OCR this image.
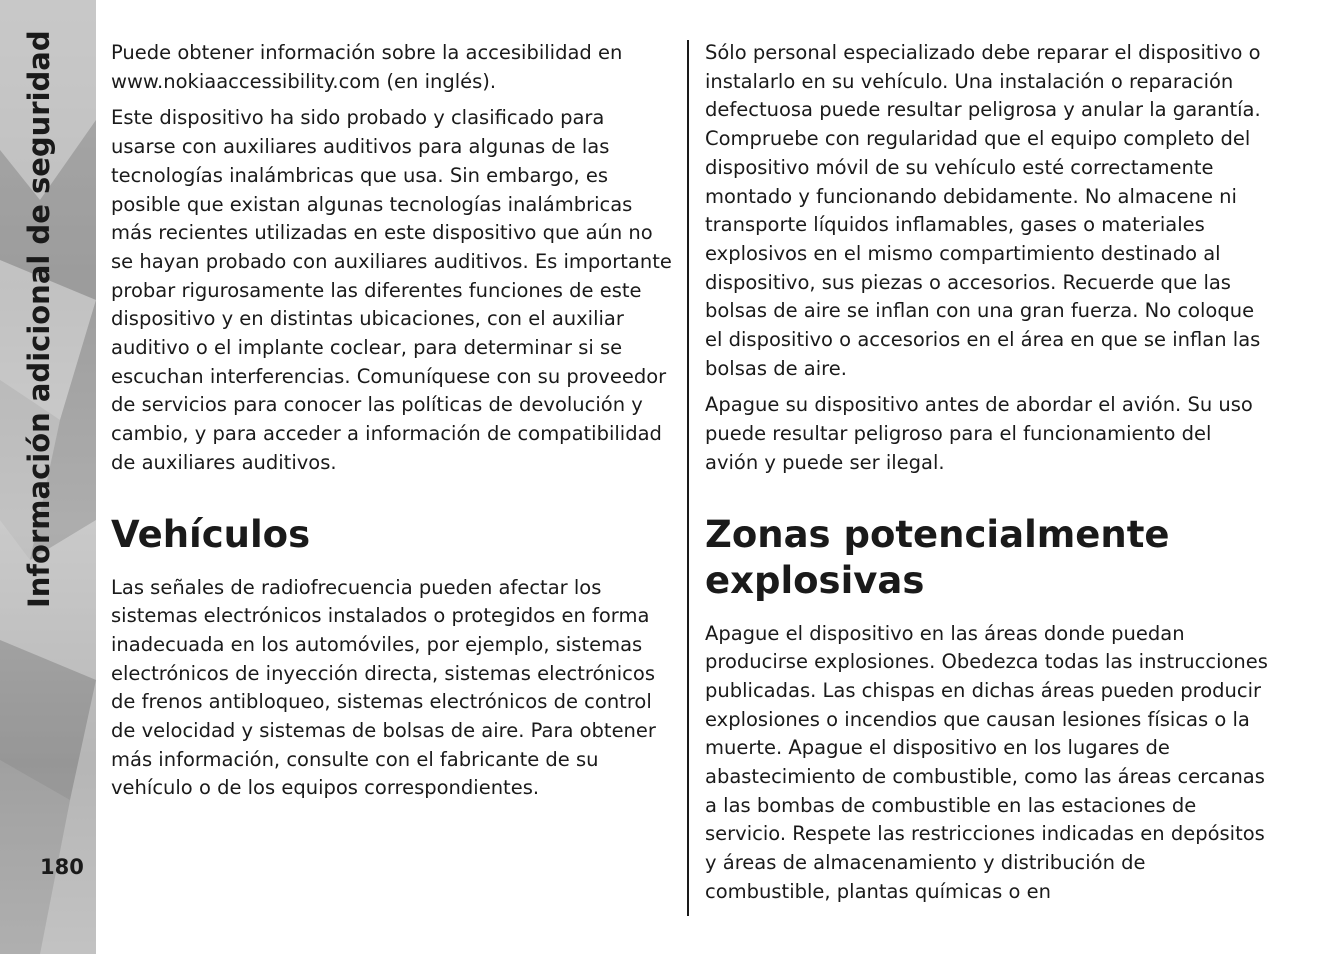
Información adicional de seguridad
180

Puede obtener información sobre la accesibilidad en www.nokiaaccessibility.com (en inglés).

Este dispositivo ha sido probado y clasificado para usarse con auxiliares auditivos para algunas de las tecnologías inalámbricas que usa. Sin embargo, es posible que existan algunas tecnologías inalámbricas más recientes utilizadas en este dispositivo que aún no se hayan probado con auxiliares auditivos. Es importante probar rigurosamente las diferentes funciones de este dispositivo y en distintas ubicaciones, con el auxiliar auditivo o el implante coclear, para determinar si se escuchan interferencias. Comuníquese con su proveedor de servicios para conocer las políticas de devolución y cambio, y para acceder a información de compatibilidad de auxiliares auditivos.

Vehículos

Las señales de radiofrecuencia pueden afectar los sistemas electrónicos instalados o protegidos en forma inadecuada en los automóviles, por ejemplo, sistemas electrónicos de inyección directa, sistemas electrónicos de frenos antibloqueo, sistemas electrónicos de control de velocidad y sistemas de bolsas de aire. Para obtener más información, consulte con el fabricante de su vehículo o de los equipos correspondientes.

Sólo personal especializado debe reparar el dispositivo o instalarlo en su vehículo. Una instalación o reparación defectuosa puede resultar peligrosa y anular la garantía. Compruebe con regularidad que el equipo completo del dispositivo móvil de su vehículo esté correctamente montado y funcionando debidamente. No almacene ni transporte líquidos inflamables, gases o materiales explosivos en el mismo compartimiento destinado al dispositivo, sus piezas o accesorios. Recuerde que las bolsas de aire se inflan con una gran fuerza. No coloque el dispositivo o accesorios en el área en que se inflan las bolsas de aire.

Apague su dispositivo antes de abordar el avión. Su uso puede resultar peligroso para el funcionamiento del avión y puede ser ilegal.

Zonas potencialmente explosivas

Apague el dispositivo en las áreas donde puedan producirse explosiones. Obedezca todas las instrucciones publicadas. Las chispas en dichas áreas pueden producir explosiones o incendios que causan lesiones físicas o la muerte. Apague el dispositivo en los lugares de abastecimiento de combustible, como las áreas cercanas a las bombas de combustible en las estaciones de servicio. Respete las restricciones indicadas en depósitos y áreas de almacenamiento y distribución de combustible, plantas químicas o en
